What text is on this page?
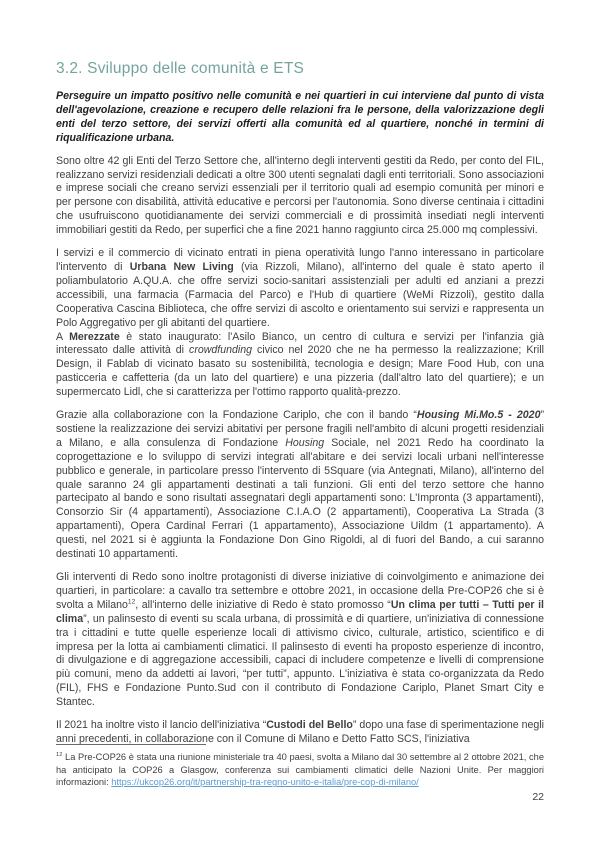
3.2. Sviluppo delle comunità e ETS

Perseguire un impatto positivo nelle comunità e nei quartieri in cui interviene dal punto di vista dell'agevolazione, creazione e recupero delle relazioni fra le persone, della valorizzazione degli enti del terzo settore, dei servizi offerti alla comunità ed al quartiere, nonché in termini di riqualificazione urbana.

Sono oltre 42 gli Enti del Terzo Settore che, all'interno degli interventi gestiti da Redo, per conto del FIL, realizzano servizi residenziali dedicati a oltre 300 utenti segnalati dagli enti territoriali. Sono associazioni e imprese sociali che creano servizi essenziali per il territorio quali ad esempio comunità per minori e per persone con disabilità, attività educative e percorsi per l'autonomia. Sono diverse centinaia i cittadini che usufruiscono quotidianamente dei servizi commerciali e di prossimità insediati negli interventi immobiliari gestiti da Redo, per superfici che a fine 2021 hanno raggiunto circa 25.000 mq complessivi.

I servizi e il commercio di vicinato entrati in piena operatività lungo l'anno interessano in particolare l'intervento di Urbana New Living (via Rizzoli, Milano), all'interno del quale è stato aperto il poliambulatorio A.QU.A. che offre servizi socio-sanitari assistenziali per adulti ed anziani a prezzi accessibili, una farmacia (Farmacia del Parco) e l'Hub di quartiere (WeMi Rizzoli), gestito dalla Cooperativa Cascina Biblioteca, che offre servizi di ascolto e orientamento sui servizi e rappresenta un Polo Aggregativo per gli abitanti del quartiere.

A Merezzate è stato inaugurato: l'Asilo Bianco, un centro di cultura e servizi per l'infanzia già interessato dalle attività di crowdfunding civico nel 2020 che ne ha permesso la realizzazione; Krill Design, il Fablab di vicinato basato su sostenibilità, tecnologia e design; Mare Food Hub, con una pasticceria e caffetteria (da un lato del quartiere) e una pizzeria (dall'altro lato del quartiere); e un supermercato Lidl, che si caratterizza per l'ottimo rapporto qualità-prezzo.

Grazie alla collaborazione con la Fondazione Cariplo, che con il bando “Housing Mi.Mo.5 - 2020” sostiene la realizzazione dei servizi abitativi per persone fragili nell'ambito di alcuni progetti residenziali a Milano, e alla consulenza di Fondazione Housing Sociale, nel 2021 Redo ha coordinato la coprogettazione e lo sviluppo di servizi integrati all'abitare e dei servizi locali urbani nell'interesse pubblico e generale, in particolare presso l'intervento di 5Square (via Antegnati, Milano), all'interno del quale saranno 24 gli appartamenti destinati a tali funzioni. Gli enti del terzo settore che hanno partecipato al bando e sono risultati assegnatari degli appartamenti sono: L'Impronta (3 appartamenti), Consorzio Sir (4 appartamenti), Associazione C.I.A.O (2 appartamenti), Cooperativa La Strada (3 appartamenti), Opera Cardinal Ferrari (1 appartamento), Associazione Uildm (1 appartamento). A questi, nel 2021 si è aggiunta la Fondazione Don Gino Rigoldi, al di fuori del Bando, a cui saranno destinati 10 appartamenti.

Gli interventi di Redo sono inoltre protagonisti di diverse iniziative di coinvolgimento e animazione dei quartieri, in particolare: a cavallo tra settembre e ottobre 2021, in occasione della Pre-COP26 che si è svolta a Milano$^{12}$, all'interno delle iniziative di Redo è stato promosso “Un clima per tutti – Tutti per il clima”, un palinsesto di eventi su scala urbana, di prossimità e di quartiere, un'iniziativa di connessione tra i cittadini e tutte quelle esperienze locali di attivismo civico, culturale, artistico, scientifico e di impresa per la lotta ai cambiamenti climatici. Il palinsesto di eventi ha proposto esperienze di incontro, di divulgazione e di aggregazione accessibili, capaci di includere competenze e livelli di comprensione più comuni, meno da addetti ai lavori, “per tutti”, appunto. L'iniziativa è stata co-organizzata da Redo (FIL), FHS e Fondazione Punto.Sud con il contributo di Fondazione Cariplo, Planet Smart City e Stantec.

Il 2021 ha inoltre visto il lancio dell'iniziativa “Custodi del Bello” dopo una fase di sperimentazione negli anni precedenti, in collaborazione con il Comune di Milano e Detto Fatto SCS, l'iniziativa

$^{12}$ La Pre-COP26 è stata una riunione ministeriale tra 40 paesi, svolta a Milano dal 30 settembre al 2 ottobre 2021, che ha anticipato la COP26 a Glasgow, conferenza sui cambiamenti climatici delle Nazioni Unite. Per maggiori informazioni: https://ukcop26.org/it/partnership-tra-regno-unito-e-italia/pre-cop-di-milano/
22
